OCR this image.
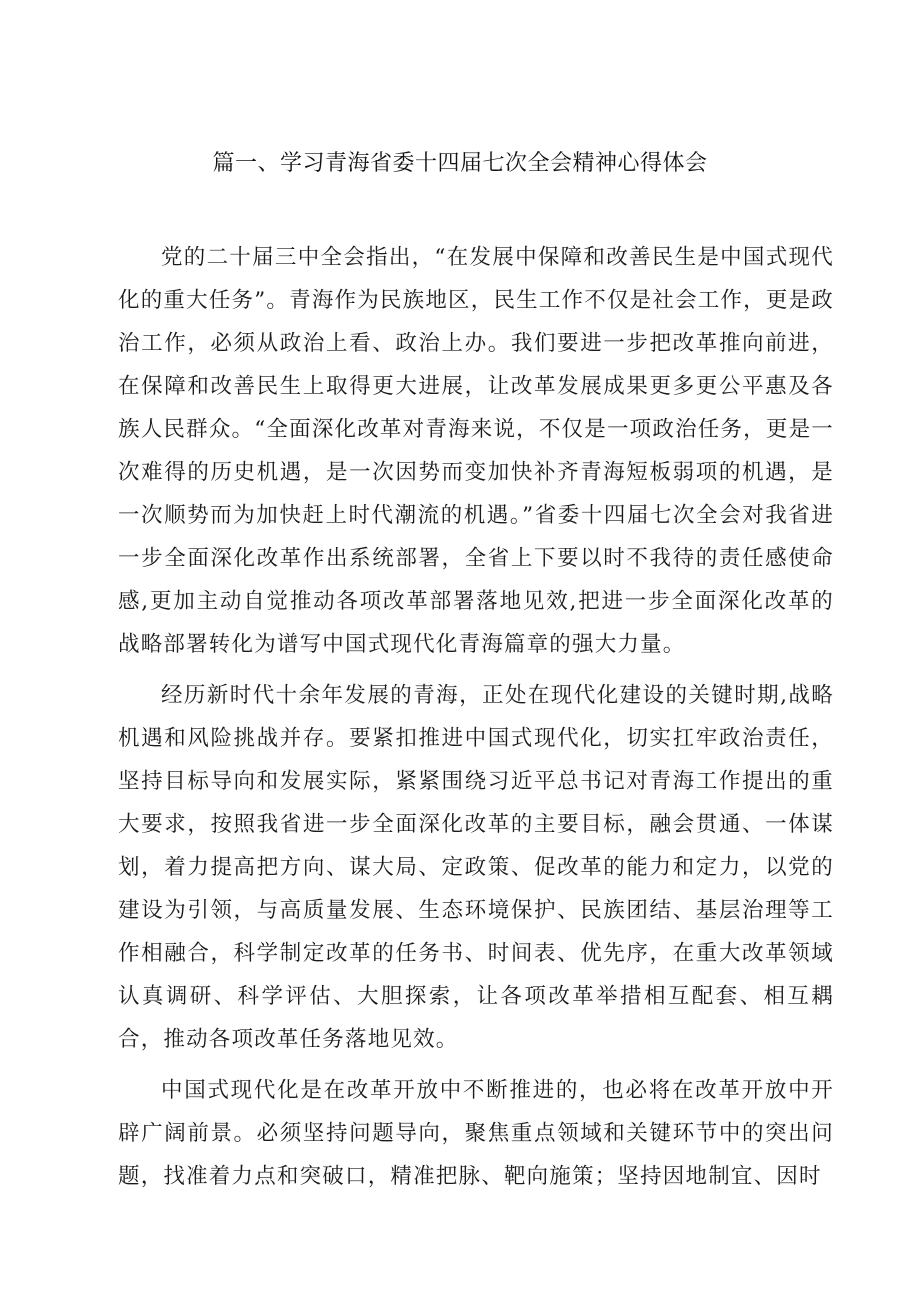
篇一、学习青海省委十四届七次全会精神心得体会

党的二十届三中全会指出，“在发展中保障和改善民生是中国式现代化的重大任务”。青海作为民族地区，民生工作不仅是社会工作，更是政治工作，必须从政治上看、政治上办。我们要进一步把改革推向前进，在保障和改善民生上取得更大进展，让改革发展成果更多更公平惠及各族人民群众。“全面深化改革对青海来说，不仅是一项政治任务，更是一次难得的历史机遇，是一次因势而变加快补齐青海短板弱项的机遇，是一次顺势而为加快赶上时代潮流的机遇。”省委十四届七次全会对我省进一步全面深化改革作出系统部署，全省上下要以时不我待的责任感使命感,更加主动自觉推动各项改革部署落地见效,把进一步全面深化改革的战略部署转化为谱写中国式现代化青海篇章的强大力量。

经历新时代十余年发展的青海，正处在现代化建设的关键时期,战略机遇和风险挑战并存。要紧扣推进中国式现代化，切实扛牢政治责任，坚持目标导向和发展实际，紧紧围绕习近平总书记对青海工作提出的重大要求，按照我省进一步全面深化改革的主要目标，融会贯通、一体谋划，着力提高把方向、谋大局、定政策、促改革的能力和定力，以党的建设为引领，与高质量发展、生态环境保护、民族团结、基层治理等工作相融合，科学制定改革的任务书、时间表、优先序，在重大改革领域认真调研、科学评估、大胆探索，让各项改革举措相互配套、相互耦合，推动各项改革任务落地见效。

中国式现代化是在改革开放中不断推进的，也必将在改革开放中开辟广阔前景。必须坚持问题导向，聚焦重点领域和关键环节中的突出问题，找准着力点和突破口，精准把脉、靶向施策；坚持因地制宜、因时
